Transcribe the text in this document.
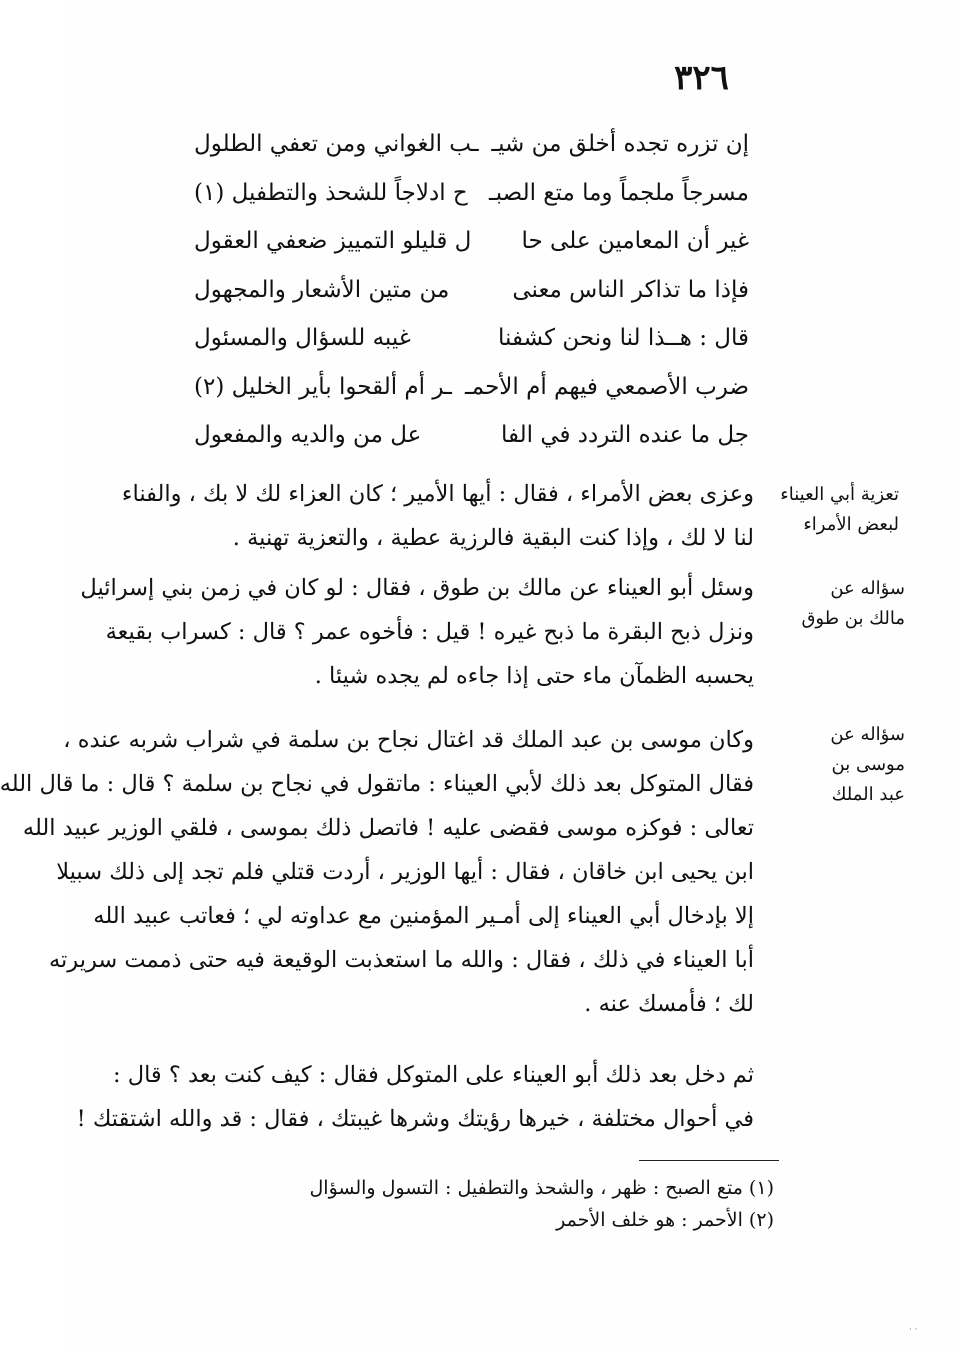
٣٢٦
إن تزره تجده أخلق من شيـ
ـب الغواني ومن تعفي الطلول
مسرجاً ملجماً وما متع الصبـ
ح ادلاجاً للشحذ والتطفيل (١)
غير أن المعامين على حا
ل قليلو التمييز ضعفي العقول
فإذا ما تذاكر الناس معنى
من متين الأشعار والمجهول
قال : هــذا لنا ونحن كشفنا
غيبه للسؤال والمسئول
ضرب الأصمعي فيهم أم الأحمـ
ـر أم ألقحوا بأير الخليل (٢)
جل ما عنده التردد في الفا
عل من والديه والمفعول
وعزى بعض الأمراء ، فقال : أيها الأمير ؛ كان العزاء لك لا بك ، والفناء
لنا لا لك ، وإذا كنت البقية فالرزية عطية ، والتعزية تهنية .
وسئل أبو العيناء عن مالك بن طوق ، فقال : لو كان في زمن بني إسرائيل
ونزل ذبح البقرة ما ذبح غيره ! قيل : فأخوه عمر ؟ قال : كسراب بقيعة
يحسبه الظمآن ماء حتى إذا جاءه لم يجده شيئا .
وكان موسى بن عبد الملك قد اغتال نجاح بن سلمة في شراب شربه عنده ،
فقال المتوكل بعد ذلك لأبي العيناء : ماتقول في نجاح بن سلمة ؟ قال : ما قال الله
تعالى : فوكزه موسى فقضى عليه ! فاتصل ذلك بموسى ، فلقي الوزير عبيد الله
ابن يحيى ابن خاقان ، فقال : أيها الوزير ، أردت قتلي فلم تجد إلى ذلك سبيلا
إلا بإدخال أبي العيناء إلى أمـير المؤمنين مع عداوته لي ؛ فعاتب عبيد الله
أبا العيناء في ذلك ، فقال : والله ما استعذبت الوقيعة فيه حتى ذممت سريرته
لك ؛ فأمسك عنه .
ثم دخل بعد ذلك أبو العيناء على المتوكل فقال : كيف كنت بعد ؟ قال :
في أحوال مختلفة ، خيرها رؤيتك وشرها غيبتك ، فقال : قد والله اشتقتك !
تعزية أبي العيناء
لبعض الأمراء
سؤاله عن
مالك بن طوق
سؤاله عن
موسى بن
عبد الملك
(١) متع الصبح : ظهر ، والشحذ والتطفيل : التسول والسؤال
(٢) الأحمر : هو خلف الأحمر
· ·
